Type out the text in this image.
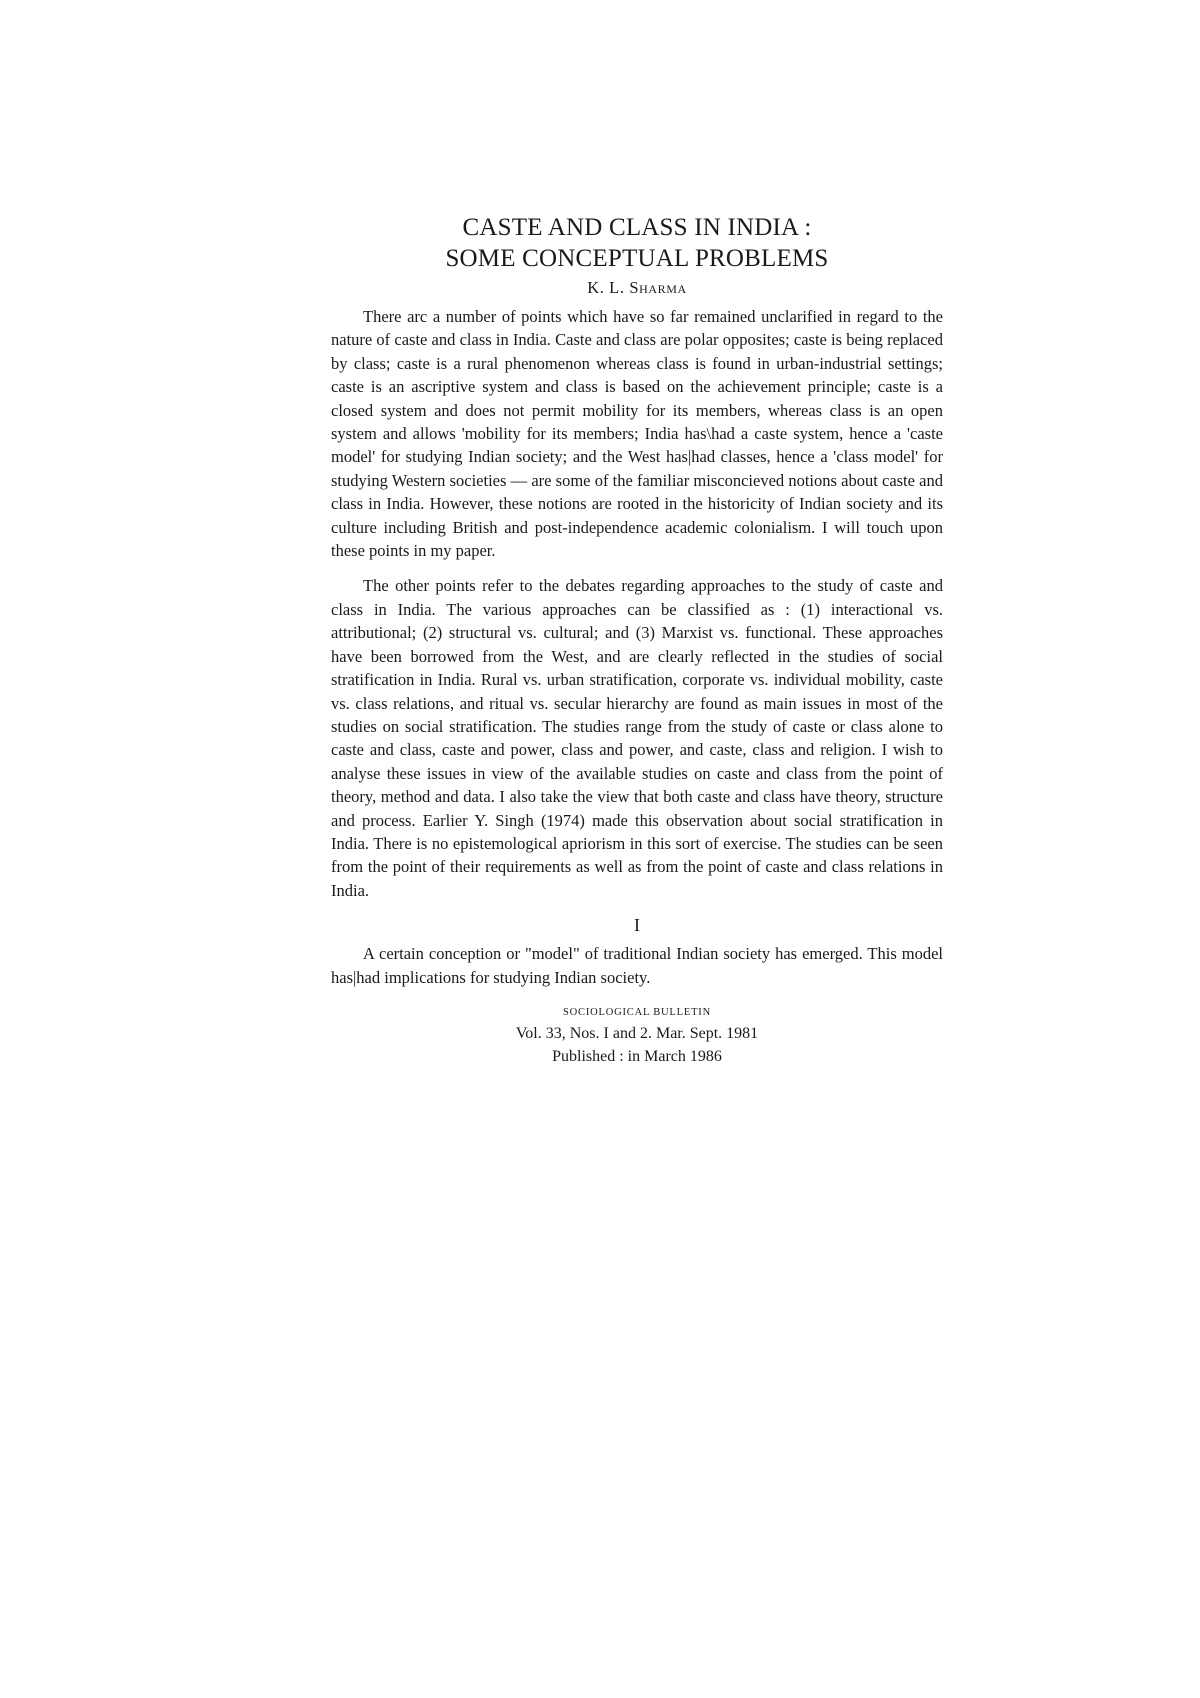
CASTE AND CLASS IN INDIA :
SOME CONCEPTUAL PROBLEMS
K. L. Sharma

There arc a number of points which have so far remained unclarified in regard to the nature of caste and class in India. Caste and class are polar opposites; caste is being replaced by class; caste is a rural phenomenon whereas class is found in urban-industrial settings; caste is an ascriptive system and class is based on the achievement principle; caste is a closed system and does not permit mobility for its members, whereas class is an open system and allows 'mobility for its members; India has\had a caste system, hence a 'caste model' for studying Indian society; and the West has|had classes, hence a 'class model' for studying Western societies — are some of the familiar misconcieved notions about caste and class in India. However, these notions are rooted in the historicity of Indian society and its culture including British and post-independence academic colonialism. I will touch upon these points in my paper.

The other points refer to the debates regarding approaches to the study of caste and class in India. The various approaches can be classified as : (1) interactional vs. attributional; (2) structural vs. cultural; and (3) Marxist vs. functional. These approaches have been borrowed from the West, and are clearly reflected in the studies of social stratification in India. Rural vs. urban stratification, corporate vs. individual mobility, caste vs. class relations, and ritual vs. secular hierarchy are found as main issues in most of the studies on social stratification. The studies range from the study of caste or class alone to caste and class, caste and power, class and power, and caste, class and religion. I wish to analyse these issues in view of the available studies on caste and class from the point of theory, method and data. I also take the view that both caste and class have theory, structure and process. Earlier Y. Singh (1974) made this observation about social stratification in India. There is no epistemological apriorism in this sort of exercise. The studies can be seen from the point of their requirements as well as from the point of caste and class relations in India.

I

A certain conception or "model" of traditional Indian society has emerged. This model has|had implications for studying Indian society.

SOCIOLOGICAL BULLETIN
Vol. 33, Nos. I and 2. Mar. Sept. 1981
Published : in March 1986
